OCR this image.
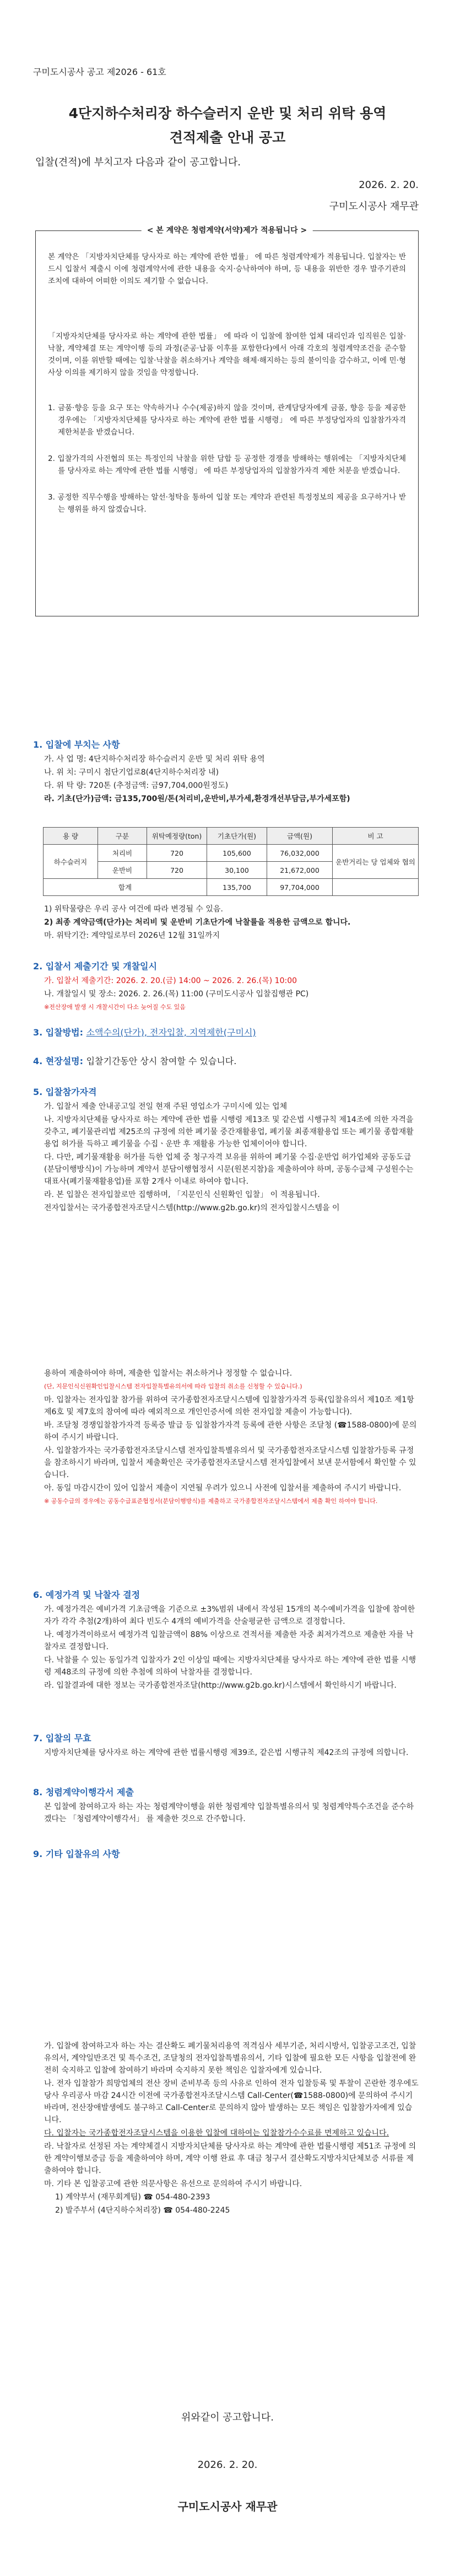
구미도시공사 공고 제2026 - 61호
4단지하수처리장 하수슬러지 운반 및 처리 위탁 용역
견적제출 안내 공고
입찰(견적)에 부치고자 다음과 같이 공고합니다.
2026. 2. 20.
구미도시공사 재무관
< 본 계약은 청렴계약(서약)제가 적용됩니다 >

본 계약은 「지방자치단체를 당사자로 하는 계약에 관한 법률」 에 따른 청렴계약제가 적용됩니다. 입찰자는 반드시 입찰서 제출시 이에 청렴계약서에 관한 내용을 숙지·승낙하여야 하며, 등 내용을 위반한 경우 발주기관의 조치에 대하여 어떠한 이의도 제기할 수 없습니다.

「지방자치단체를 당사자로 하는 계약에 관한 법률」 에 따라 이 입찰에 참여한 업체 대리인과 임직원은 입찰·낙찰, 계약체결 또는 계약이행 등의 과정(준공·납품 이후를 포함한다)에서 아래 각호의 청렴계약조건을 준수할 것이며, 이를 위반할 때에는 입찰·낙찰을 취소하거나 계약을 해제·해지하는 등의 불이익을 감수하고, 이에 민·형사상 이의를 제기하지 않을 것임을 약정합니다.

1. 금품·향응 등을 요구 또는 약속하거나 수수(제공)하지 않을 것이며, 관계담당자에게 금품, 향응 등을 제공한 경우에는 「지방자치단체를 당사자로 하는 계약에 관한 법률 시행령」 에 따른 부정당업자의 입찰참가자격 제한처분을 받겠습니다.
2. 입찰가격의 사전협의 또는 특정인의 낙찰을 위한 담합 등 공정한 경쟁을 방해하는 행위에는 「지방자치단체를 당사자로 하는 계약에 관한 법률 시행령」 에 따른 부정당업자의 입찰참가자격 제한 처분을 받겠습니다.
3. 공정한 직무수행을 방해하는 알선·청탁을 통하여 입찰 또는 계약과 관련된 특정정보의 제공을 요구하거나 받는 행위를 하지 않겠습니다.
1. 입찰에 부치는 사항
가. 사 업 명: 4단지하수처리장 하수슬러지 운반 및 처리 위탁 용역
나. 위 치: 구미시 첨단기업로8(4단지하수처리장 내)
다. 위 탁 량: 720톤 (추정금액: 금97,704,000원정도)
라. 기초(단가)금액: 금135,700원/톤(처리비,운반비,부가세,환경개선부담금,부가세포함)
용 량	구분	위탁예정량(ton)	기초단가(원)	금액(원)	비 고
하수슬러지	처리비	720	105,600	76,032,000	운반거리는 당 업체와 협의
	운반비	720	30,100	21,672,000	
합계			135,700	97,704,000	
1) 위탁물량은 우리 공사 여건에 따라 변경될 수 있음.
2) 최종 계약금액(단가)는 처리비 및 운반비 기초단가에 낙찰률을 적용한 금액으로 합니다.
마. 위탁기간: 계약일로부터 2026년 12월 31일까지
2. 입찰서 제출기간 및 개찰일시
가. 입찰서 제출기간: 2026. 2. 20.(금) 14:00 ~ 2026. 2. 26.(목) 10:00
나. 개찰일시 및 장소: 2026. 2. 26.(목) 11:00 (구미도시공사 입찰집행관 PC)
※전산장애 발생 시 개찰시간이 다소 늦어질 수도 있음
3. 입찰방법: 소액수의(단가), 전자입찰, 지역제한(구미시)
4. 현장설명: 입찰기간동안 상시 참여할 수 있습니다.
5. 입찰참가자격
가. 입찰서 제출 안내공고일 전일 현재 주된 영업소가 구미시에 있는 업체
나. 지방자치단체를 당사자로 하는 계약에 관한 법률 시행령 제13조 및 같은법 시행규칙 제14조에 의한 자격을 갖추고, 폐기물관리법 제25조의 규정에 의한 폐기물 중간재활용업, 폐기물 최종재활용업 또는 폐기물 종합재활용업 허가를 득하고 폐기물을 수집ㆍ운반 후 재활용 가능한 업체이어야 합니다.
다. 다만, 폐기물재활용 허가를 득한 업체 중 청구자격 보유를 위하여 폐기물 수집·운반업 허가업체와 공동도급(분담이행방식)이 가능하며 계약서 분담이행협정서 시문(원본지참)을 제출하여야 하며, 공동수급체 구성원수는 대표사(폐기물재활용업)를 포함 2개사 이내로 하여야 합니다.
라. 본 입찰은 전자입찰로만 집행하며, 「지문인식 신원확인 입찰」 이 적용됩니다.
전자입찰서는 국가종합전자조달시스템(http://www.g2b.go.kr)의 전자입찰시스템을 이
용하여 제출하여야 하며, 제출한 입찰서는 취소하거나 정정할 수 없습니다.
(단, 지문인식신원확인입찰시스템 전자입찰특별유의서에 따라 입찰의 취소를 신청할 수 있습니다.)
마. 입찰자는 전자입찰 참가를 위하여 국가종합전자조달시스템에 입찰참가자격 등록(입찰유의서 제10조 제1항 제6호 및 제7호의 참여에 따라 예외적으로 개인인증서에 의한 전자입찰 제출이 가능합니다).
바. 조달청 경쟁입찰참가자격 등록증 발급 등 입찰참가자격 등록에 관한 사항은 조달청 (☎1588-0800)에 문의하여 주시기 바랍니다.
사. 입찰참가자는 국가종합전자조달시스템 전자입찰특별유의서 및 국가종합전자조달시스템 입찰참가등록 규정을 참조하시기 바라며, 입찰서 제출확인은 국가종합전자조달시스템 전자입찰에서 보낸 문서함에서 확인할 수 있습니다.
아. 동일 마감시간이 있어 입찰서 제출이 지연될 우려가 있으니 사전에 입찰서를 제출하여 주시기 바랍니다.
※ 공동수급의 경우에는 공동수급표준협정서(분담이행방식)를 제출하고 국가종합전자조달시스템에서 제출 확인 하여야 합니다.
6. 예정가격 및 낙찰자 결정
가. 예정가격은 예비가격 기초금액을 기준으로 ±3%범위 내에서 작성된 15개의 복수예비가격을 입찰에 참여한 자가 각각 추첨(2개)하여 최다 빈도수 4개의 예비가격을 산술평균한 금액으로 결정합니다.
나. 예정가격이하로서 예정가격 입찰금액이 88% 이상으로 견적서를 제출한 자중 최저가격으로 제출한 자를 낙찰자로 결정합니다.
다. 낙찰률 수 있는 동일가격 입찰자가 2인 이상일 때에는 지방자치단체를 당사자로 하는 계약에 관한 법률 시행령 제48조의 규정에 의한 추첨에 의하여 낙찰자를 결정합니다.
라. 입찰결과에 대한 정보는 국가종합전자조달(http://www.g2b.go.kr)시스템에서 확인하시기 바랍니다.
7. 입찰의 무효
지방자치단체를 당사자로 하는 계약에 관한 법률시행령 제39조, 같은법 시행규칙 제42조의 규정에 의합니다.
8. 청렴계약이행각서 제출
본 입찰에 참여하고자 하는 자는 청렴계약이행을 위한 청렴계약 입찰특별유의서 및 청렴계약특수조건을 준수하겠다는 「청렴계약이행각서」 를 제출한 것으로 간주합니다.
9. 기타 입찰유의 사항
가. 입찰에 참여하고자 하는 자는 결산확도 폐기물처리용역 적격심사 세부기준, 처리시방서, 입찰공고조건, 입찰유의서, 계약일반조건 및 특수조건, 조달청의 전자입찰특별유의서, 기타 입찰에 필요한 모든 사항을 입찰전에 완전히 숙지하고 입찰에 참여하기 바라며 숙지하지 못한 책임은 입찰자에게 있습니다.
나. 전자 입찰참가 희망업체의 전산 장비 준비부족 등의 사유로 인하여 전자 입찰등록 및 투찰이 곤란한 경우에도 당사 우리공사 마감 24시간 이전에 국가종합전자조달시스템 Call-Center(☎1588-0800)에 문의하여 주시기 바라며, 전산장애발생에도 불구하고 Call-Center로 문의하지 않아 발생하는 모든 책임은 입찰참가자에게 있습니다.
다. 입찰자는 국가종합전자조달시스템을 이용한 입찰에 대하여는 입찰참가수수료를 면제하고 있습니다.
라. 낙찰자로 선정된 자는 계약체결시 지방자치단체를 당사자로 하는 계약에 관한 법률시행령 제51조 규정에 의한 계약이행보증금 등을 제출하여야 하며, 계약 이행 완료 후 대금 청구서 결산확도지방자치단체보증 서류를 제출하여야 합니다.
마. 기타 본 입찰공고에 관한 의문사항은 유선으로 문의하여 주시기 바랍니다.
1) 계약부서 (재무회계팀) ☎ 054-480-2393
2) 발주부서 (4단지하수처리장) ☎ 054-480-2245
위와같이 공고합니다.
2026. 2. 20.
구미도시공사 재무관
